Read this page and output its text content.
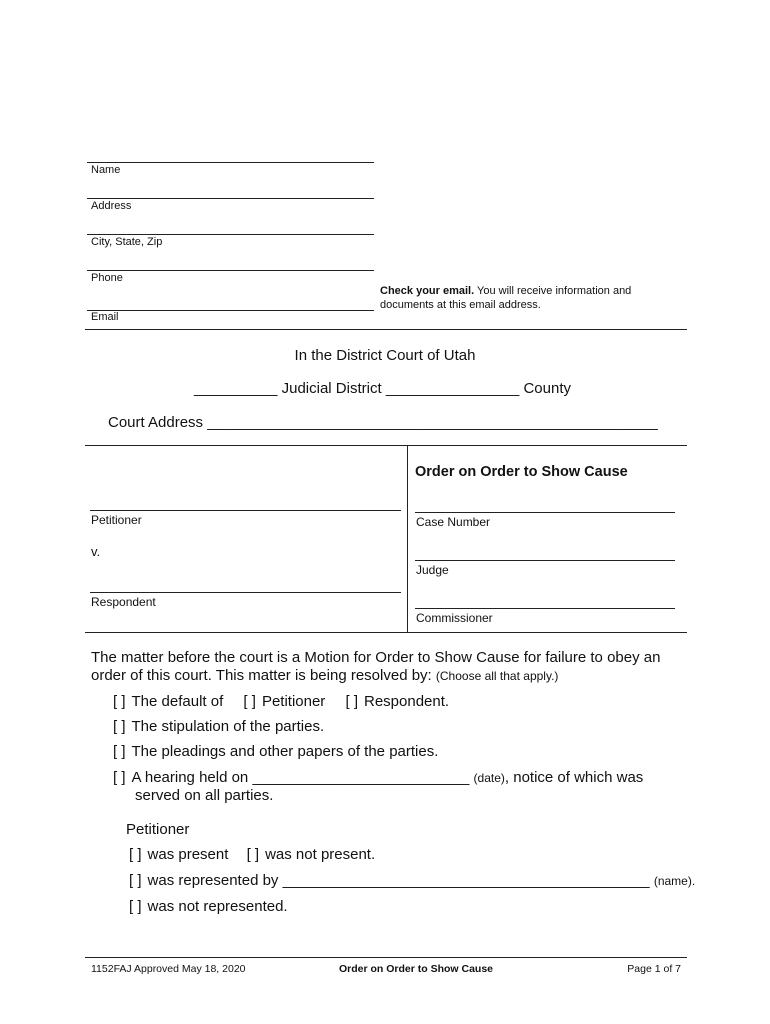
Name
Address
City, State, Zip
Phone
Check your email. You will receive information and
documents at this email address.
Email
In the District Court of Utah
__________ Judicial District ________________ County
Court Address ______________________________________________________
Order on Order to Show Cause
Petitioner
v.
Respondent
Case Number
Judge
Commissioner
The matter before the court is a Motion for Order to Show Cause for failure to obey an
order of this court. This matter is being resolved by: (Choose all that apply.)
[ ] The default of [ ] Petitioner [ ] Respondent.
[ ] The stipulation of the parties.
[ ] The pleadings and other papers of the parties.
[ ] A hearing held on __________________________ (date), notice of which was
served on all parties.
Petitioner
[ ] was present [ ] was not present.
[ ] was represented by ____________________________________________ (name).
[ ] was not represented.
1152FAJ Approved May 18, 2020	Order on Order to Show Cause	Page 1 of 7
